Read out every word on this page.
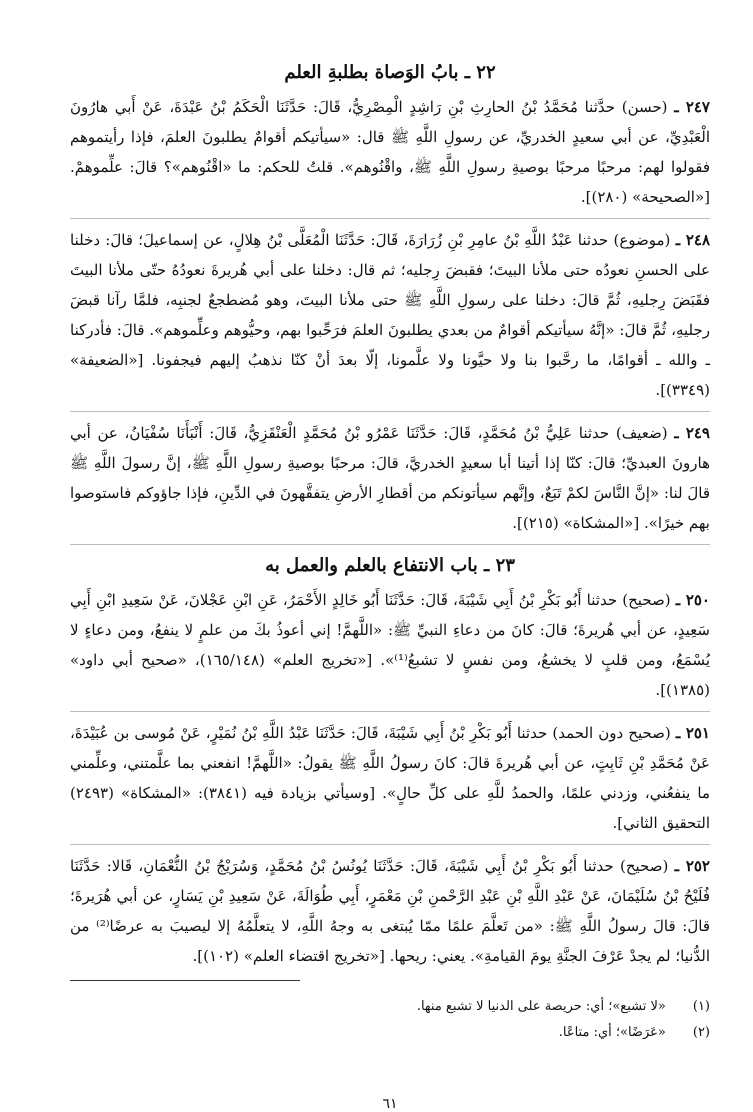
٢٢ ـ بابُ الوَصاة بطلبةِ العلم

٢٤٧ ـ (حسن) حدَّثنا مُحَمَّدُ بْنُ الحارِثِ بْنِ رَاشِدٍ الْمِصْرِيُّ، قَالَ: حَدَّثَنَا الْحَكَمُ بْنُ عَبْدَةَ، عَنْ أَبي هارُونَ الْعَبْدِيِّ، عن أبي سعيدٍ الخدريِّ، عن رسولِ اللَّهِ ﷺ قال: «سيأتيكم أقوامٌ يطلبونَ العلمَ، فإذا رأيتموهم فقولوا لهم: مرحبًا مرحبًا بوصيةِ رسولِ اللَّهِ ﷺ، واقْنُوهم». قلتُ للحكم: ما «اقْنُوهم»؟ قالَ: علِّموهمْ. [«الصحيحة» (٢٨٠)].

٢٤٨ ـ (موضوع) حدثنا عَبْدُ اللَّهِ بْنُ عامِرِ بْنِ زُرَارَةَ، قَالَ: حَدَّثَنَا الْمُعَلَّى بْنُ هِلالٍ، عن إسماعيلَ؛ قالَ: دخلنا على الحسنِ نعودُه حتى ملأنا البيتَ؛ فقبضَ رِجليه؛ ثم قال: دخلنا على أبي هُريرةَ نعودُهُ حتّى ملأنا البيتَ فقَبَضَ رِجليهِ، ثُمَّ قالَ: دخلنا على رسولِ اللَّهِ ﷺ حتى ملأنا البيتَ، وهو مُضطجعٌ لجنبِه، فلمَّا رآنا قبضَ رجليهِ، ثُمَّ قالَ: «إنَّهُ سيأتيكم أقوامٌ من بعدي يطلبونَ العلمَ فرَحِّبوا بهم، وحيُّوهم وعلِّموهم». قالَ: فأدركنا ـ والله ـ أقوامًا، ما رحَّبوا بنا ولا حيَّونا ولا علَّمونا، إلّا بعدَ أنْ كنّا نذهبُ إليهم فيجفونا. [«الضعيفة» (٣٣٤٩)].

٢٤٩ ـ (ضعيف) حدثنا عَلِيُّ بْنُ مُحَمَّدٍ، قَالَ: حَدَّثَنَا عَمْرُو بْنُ مُحَمَّدٍ الْعَنْقَزِيُّ، قَالَ: أَنْبَأَنَا سُفْيَانُ، عن أبي هارونَ العبديِّ؛ قالَ: كنّا إذا أتينا أبا سعيدٍ الخدريَّ، قالَ: مرحبًا بوصيةِ رسولِ اللَّهِ ﷺ، إنَّ رسولَ اللَّهِ ﷺ قالَ لنا: «إنَّ النَّاسَ لكمْ تَبَعٌ، وإنَّهم سيأتونكم من أقطارِ الأرضِ يتفقَّهونَ في الدِّينِ، فإذا جاؤوكم فاستوصوا بهم خيرًا». [«المشكاة» (٢١٥)].

٢٣ ـ باب الانتفاع بالعلم والعمل به

٢٥٠ ـ (صحيح) حدثنا أَبُو بَكْرِ بْنُ أَبِي شَيْبَةَ، قَالَ: حَدَّثَنَا أَبُو خَالِدٍ الأَحْمَرُ، عَنِ ابْنِ عَجْلانَ، عَنْ سَعِيدِ ابْنِ أَبِي سَعِيدٍ، عن أبي هُريرةَ؛ قالَ: كانَ من دعاءِ النبيِّ ﷺ: «اللَّهمَّ! إني أعوذُ بكَ من علمٍ لا ينفعُ، ومن دعاءٍ لا يُسْمَعُ، ومن قلبٍ لا يخشعُ، ومن نفسٍ لا تشبعُ⁽¹⁾». [«تخريج العلم» (١٦٥/١٤٨)، «صحيح أبي داود» (١٣٨٥)].

٢٥١ ـ (صحيح دون الحمد) حدثنا أَبُو بَكْرِ بْنُ أَبِي شَيْبَةَ، قَالَ: حَدَّثَنَا عَبْدُ اللَّهِ بْنُ نُمَيْرٍ، عَنْ مُوسى بن عُبَيْدَةَ، عَنْ مُحَمَّدِ بْنِ ثَابِتٍ، عن أبي هُريرةَ قالَ: كانَ رسولُ اللَّهِ ﷺ يقولُ: «اللَّهمَّ! انفعني بما علَّمتني، وعلِّمني ما ينفعُني، وزدني علمًا، والحمدُ للَّهِ على كلِّ حالٍ». [وسيأتي بزيادة فيه (٣٨٤١): «المشكاة» (٢٤٩٣) التحقيق الثاني].

٢٥٢ ـ (صحيح) حدثنا أَبُو بَكْرِ بْنُ أَبِي شَيْبَةَ، قَالَ: حَدَّثَنَا يُونُسُ بْنُ مُحَمَّدٍ، وَسُرَيْجُ بْنُ النُّعْمَانِ، قَالا: حَدَّثَنَا فُلَيْحُ بْنُ سُلَيْمَانَ، عَنْ عَبْدِ اللَّهِ بْنِ عَبْدِ الرَّحْمنِ بْنِ مَعْمَرٍ، أَبِي طُوَالَةَ، عَنْ سَعِيدِ بْنِ يَسَارٍ، عن أبي هُرَيرةَ؛ قالَ: قالَ رسولُ اللَّهِ ﷺ: «من تَعلَّمَ علمًا ممّا يُبتغى به وجهُ اللَّهِ، لا يتعلَّمُهُ إلا ليصيبَ به عرضًا⁽²⁾ من الدُّنيا؛ لم يجدْ عَرْفَ الجنَّةِ يومَ القيامةِ». يعني: ريحها. [«تخريج اقتضاء العلم» (١٠٢)].

(١) «لا تشبع»؛ أي: حريصة على الدنيا لا تشبع منها.

(٢) «عَرَضًا»؛ أي: متاعًا.

٦١
